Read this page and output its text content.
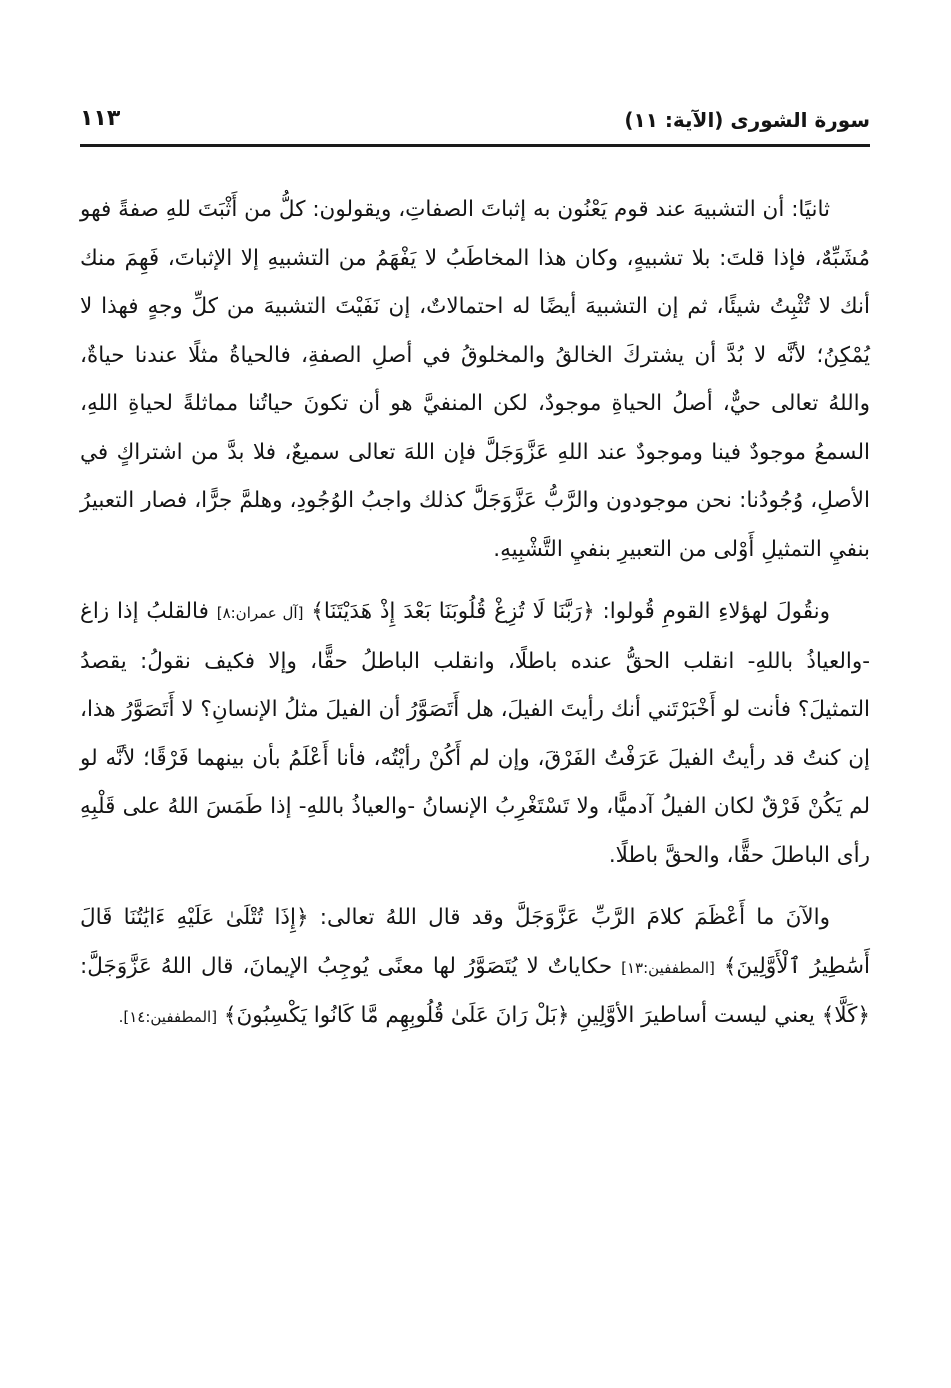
سورة الشورى (الآية: ١١)
١١٣

ثانيًا: أن التشبيهَ عند قوم يَعْنُون به إثباتَ الصفاتِ، ويقولون: كلُّ من أَثْبَتَ للهِ صفةً فهو مُشَبِّهٌ، فإذا قلتَ: بلا تشبيهٍ، وكان هذا المخاطَبُ لا يَفْهَمُ من التشبيهِ إلا الإثباتَ، فَهِمَ منك أنك لا تُثْبِتُ شيئًا، ثم إن التشبيهَ أيضًا له احتمالاتٌ، إن نَفَيْتَ التشبيهَ من كلِّ وجهٍ فهذا لا يُمْكِنُ؛ لأنَّه لا بُدَّ أن يشتركَ الخالقُ والمخلوقُ في أصلِ الصفةِ، فالحياةُ مثلًا عندنا حياةٌ، واللهُ تعالى حيٌّ، أصلُ الحياةِ موجودٌ، لكن المنفيَّ هو أن تكونَ حياتُنا مماثلةً لحياةِ اللهِ، السمعُ موجودٌ فينا وموجودٌ عند اللهِ عَزَّوَجَلَّ فإن اللهَ تعالى سميعٌ، فلا بدَّ من اشتراكٍ في الأصلِ، وُجُودُنا: نحن موجودون والرَّبُّ عَزَّوَجَلَّ كذلك واجبُ الوُجُودِ، وهلمَّ جرًّا، فصار التعبيرُ بنفيِ التمثيلِ أَوْلى من التعبيرِ بنفيِ التَّشْبِيهِ.

ونقُولَ لهؤلاءِ القومِ قُولوا: ﴿رَبَّنَا لَا تُزِغْ قُلُوبَنَا بَعْدَ إِذْ هَدَيْتَنَا﴾ [آل عمران:٨] فالقلبُ إذا زاغ -والعياذُ باللهِ- انقلب الحقُّ عنده باطلًا، وانقلب الباطلُ حقًّا، وإلا فكيف نقولُ: يقصدُ التمثيلَ؟ فأنت لو أَخْبَرْتَني أنك رأيتَ الفيلَ، هل أَتَصَوَّرُ أن الفيلَ مثلُ الإنسانِ؟ لا أَتَصَوَّرُ هذا، إن كنتُ قد رأيتُ الفيلَ عَرَفْتُ الفَرْقَ، وإن لم أَكُنْ رأيْتُه، فأنا أَعْلَمُ بأن بينهما فَرْقًا؛ لأنَّه لو لم يَكُنْ فَرْقٌ لكان الفيلُ آدميًّا، ولا تَسْتَغْرِبُ الإنسانُ -والعياذُ باللهِ- إذا طَمَسَ اللهُ على قَلْبِهِ رأى الباطلَ حقًّا، والحقَّ باطلًا.

والآنَ ما أَعْظَمَ كلامَ الرَّبِّ عَزَّوَجَلَّ وقد قال اللهُ تعالى: ﴿إِذَا تُتْلَىٰ عَلَيْهِ ءَايَٰتُنَا قَالَ أَسَٰطِيرُ ٱلْأَوَّلِينَ﴾ [المطففين:١٣] حكاياتٌ لا يُتَصَوَّرُ لها معنًى يُوجِبُ الإيمانَ، قال اللهُ عَزَّوَجَلَّ: ﴿كَلَّا﴾ يعني ليست أساطيرَ الأوَّلِينِ ﴿بَلْ رَانَ عَلَىٰ قُلُوبِهِم مَّا كَانُوا يَكْسِبُونَ﴾ [المطففين:١٤].
